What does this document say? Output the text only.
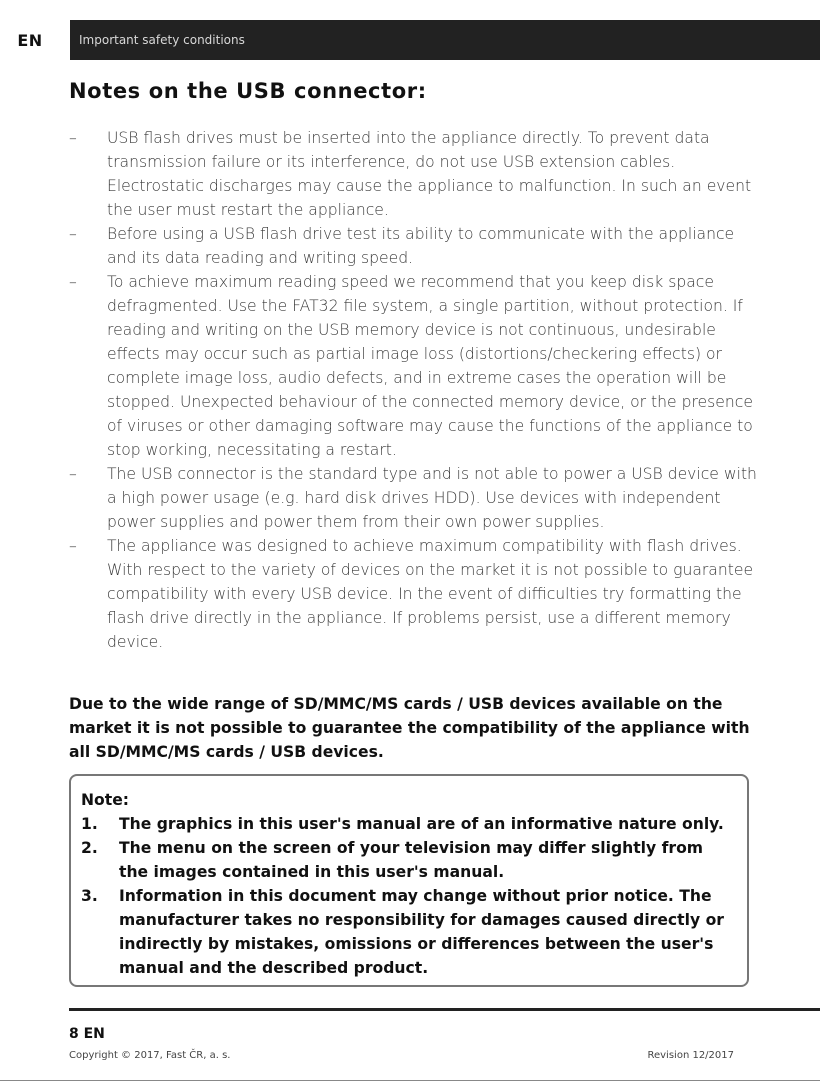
EN	Important safety conditions
Notes on the USB connector:
– USB flash drives must be inserted into the appliance directly. To prevent data transmission failure or its interference, do not use USB extension cables. Electrostatic discharges may cause the appliance to malfunction. In such an event the user must restart the appliance.
– Before using a USB flash drive test its ability to communicate with the appliance and its data reading and writing speed.
– To achieve maximum reading speed we recommend that you keep disk space defragmented. Use the FAT32 file system, a single partition, without protection. If reading and writing on the USB memory device is not continuous, undesirable effects may occur such as partial image loss (distortions/checkering effects) or complete image loss, audio defects, and in extreme cases the operation will be stopped. Unexpected behaviour of the connected memory device, or the presence of viruses or other damaging software may cause the functions of the appliance to stop working, necessitating a restart.
– The USB connector is the standard type and is not able to power a USB device with a high power usage (e.g. hard disk drives HDD). Use devices with independent power supplies and power them from their own power supplies.
– The appliance was designed to achieve maximum compatibility with flash drives. With respect to the variety of devices on the market it is not possible to guarantee compatibility with every USB device. In the event of difficulties try formatting the flash drive directly in the appliance. If problems persist, use a different memory device.

Due to the wide range of SD/MMC/MS cards / USB devices available on the market it is not possible to guarantee the compatibility of the appliance with all SD/MMC/MS cards / USB devices.

Note:

1. The graphics in this user's manual are of an informative nature only.
2. The menu on the screen of your television may differ slightly from the images contained in this user's manual.
3. Information in this document may change without prior notice. The manufacturer takes no responsibility for damages caused directly or indirectly by mistakes, omissions or differences between the user's manual and the described product.
8 EN
Copyright © 2017, Fast ČR, a. s.	Revision 12/2017
